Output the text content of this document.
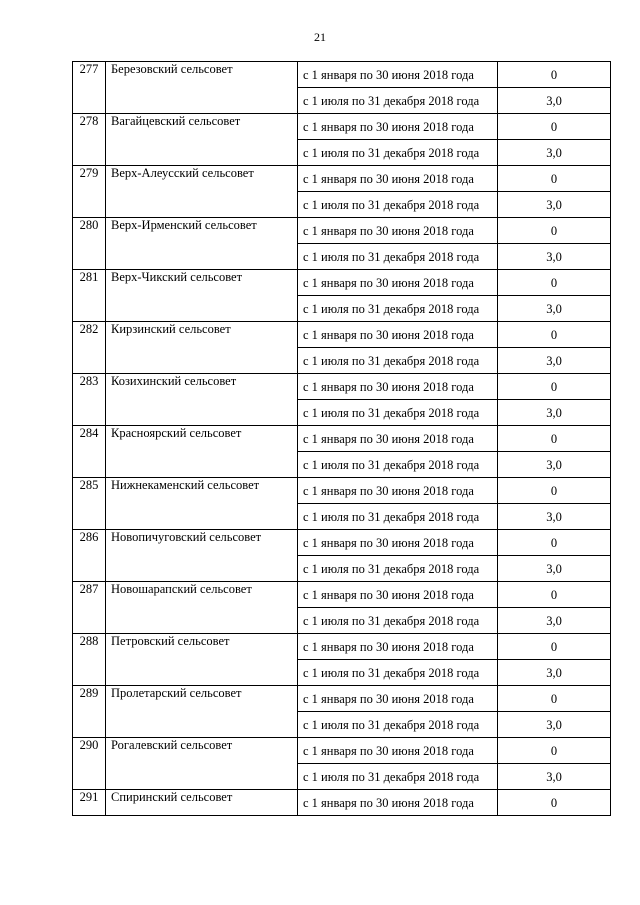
21
277	Березовский сельсовет	с 1 января по 30 июня 2018 года	0
		с 1 июля по 31 декабря 2018 года	3,0
278	Вагайцевский сельсовет	с 1 января по 30 июня 2018 года	0
		с 1 июля по 31 декабря 2018 года	3,0
279	Верх-Алеусский сельсовет	с 1 января по 30 июня 2018 года	0
		с 1 июля по 31 декабря 2018 года	3,0
280	Верх-Ирменский сельсовет	с 1 января по 30 июня 2018 года	0
		с 1 июля по 31 декабря 2018 года	3,0
281	Верх-Чикский сельсовет	с 1 января по 30 июня 2018 года	0
		с 1 июля по 31 декабря 2018 года	3,0
282	Кирзинский сельсовет	с 1 января по 30 июня 2018 года	0
		с 1 июля по 31 декабря 2018 года	3,0
283	Козихинский сельсовет	с 1 января по 30 июня 2018 года	0
		с 1 июля по 31 декабря 2018 года	3,0
284	Красноярский сельсовет	с 1 января по 30 июня 2018 года	0
		с 1 июля по 31 декабря 2018 года	3,0
285	Нижнекаменский сельсовет	с 1 января по 30 июня 2018 года	0
		с 1 июля по 31 декабря 2018 года	3,0
286	Новопичуговский сельсовет	с 1 января по 30 июня 2018 года	0
		с 1 июля по 31 декабря 2018 года	3,0
287	Новошарапский сельсовет	с 1 января по 30 июня 2018 года	0
		с 1 июля по 31 декабря 2018 года	3,0
288	Петровский сельсовет	с 1 января по 30 июня 2018 года	0
		с 1 июля по 31 декабря 2018 года	3,0
289	Пролетарский сельсовет	с 1 января по 30 июня 2018 года	0
		с 1 июля по 31 декабря 2018 года	3,0
290	Рогалевский сельсовет	с 1 января по 30 июня 2018 года	0
		с 1 июля по 31 декабря 2018 года	3,0
291	Спиринский сельсовет	с 1 января по 30 июня 2018 года	0
